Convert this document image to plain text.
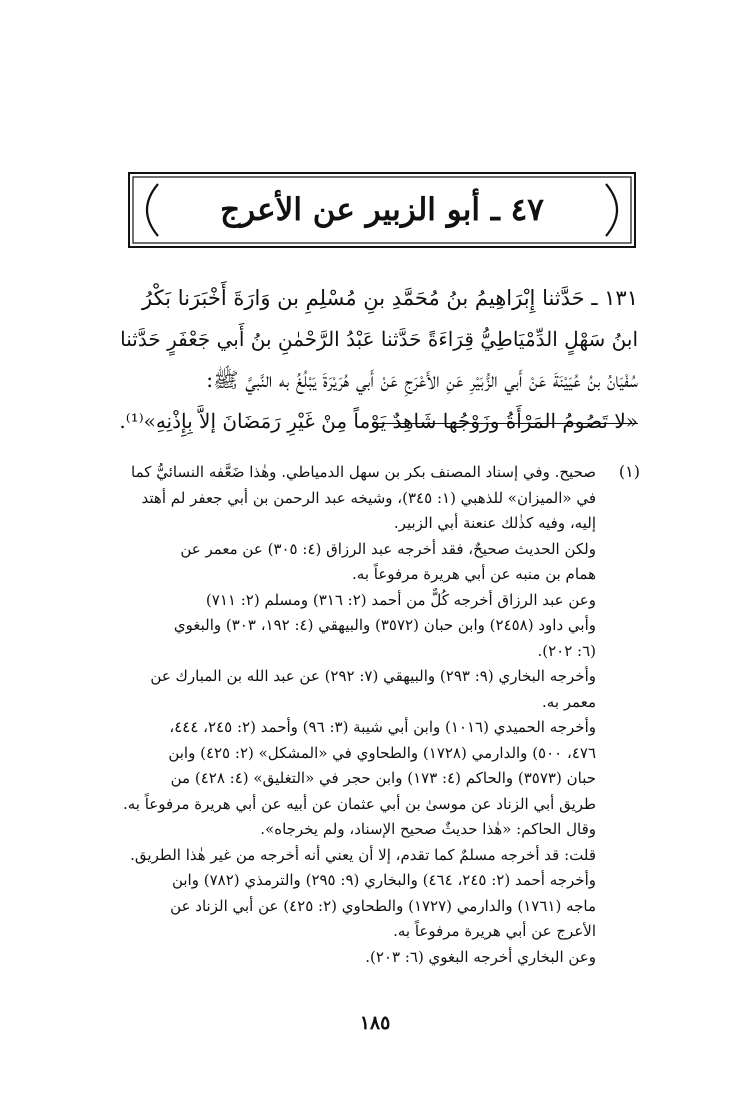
٤٧ ـ أبو الزبير عن الأعرج
١٣١ ـ حَدَّثنا إِبْرَاهِيمُ بنُ مُحَمَّدِ بنِ مُسْلِمِ بن وَارَةَ أَخْبَرَنا بَكْرُ
ابنُ سَهْلٍ الدِّمْيَاطِيُّ قِرَاءَةً حَدَّثنا عَبْدُ الرَّحْمٰنِ بنُ أَبي جَعْفَرٍ حَدَّثنا
سُفْيَانُ بنُ عُيَيْنَةَ عَنْ أَبي الزُّبَيْرِ عَنِ الأَعْرَجِ عَنْ أَبي هُرَيْرَةَ يَبْلُغُ به النَّبيَّ ﷺ:
«لا تَصُومُ المَرْأَةُ وزَوْجُها شَاهِدٌ يَوْماً مِنْ غَيْرِ رَمَضَانَ إلاَّ بِإِذْنِهِ»⁽¹⁾.
(١)
صحيح. وفي إسناد المصنف بكر بن سهل الدمياطي. وهٰذا ضَعَّفه النسائيُّ كما
في «الميزان» للذهبي (١: ٣٤٥)، وشيخه عبد الرحمن بن أبي جعفر لم أهتد
إليه، وفيه كذٰلك عنعنة أبي الزبير.
ولكن الحديث صحيحٌ، فقد أخرجه عبد الرزاق (٤: ٣٠٥) عن معمر عن
همام بن منبه عن أبي هريرة مرفوعاً به.
وعن عبد الرزاق أخرجه كُلٌّ من أحمد (٢: ٣١٦) ومسلم (٢: ٧١١)
وأبي داود (٢٤٥٨) وابن حبان (٣٥٧٢) والبيهقي (٤: ١٩٢، ٣٠٣) والبغوي
(٦: ٢٠٢).
وأخرجه البخاري (٩: ٢٩٣) والبيهقي (٧: ٢٩٢) عن عبد الله بن المبارك عن
معمر به.
وأخرجه الحميدي (١٠١٦) وابن أبي شيبة (٣: ٩٦) وأحمد (٢: ٢٤٥، ٤٤٤،
٤٧٦، ٥٠٠) والدارمي (١٧٢٨) والطحاوي في «المشكل» (٢: ٤٢٥) وابن
حبان (٣٥٧٣) والحاكم (٤: ١٧٣) وابن حجر في «التغليق» (٤: ٤٢٨) من
طريق أبي الزناد عن موسىٰ بن أبي عثمان عن أبيه عن أبي هريرة مرفوعاً به.
وقال الحاكم: «هٰذا حديثٌ صحيح الإسناد، ولم يخرجاه».
قلت: قد أخرجه مسلمٌ كما تقدم، إلا أن يعني أنه أخرجه من غير هٰذا الطريق.
وأخرجه أحمد (٢: ٢٤٥، ٤٦٤) والبخاري (٩: ٢٩٥) والترمذي (٧٨٢) وابن
ماجه (١٧٦١) والدارمي (١٧٢٧) والطحاوي (٢: ٤٢٥) عن أبي الزناد عن
الأعرج عن أبي هريرة مرفوعاً به.
وعن البخاري أخرجه البغوي (٦: ٢٠٣).
١٨٥
